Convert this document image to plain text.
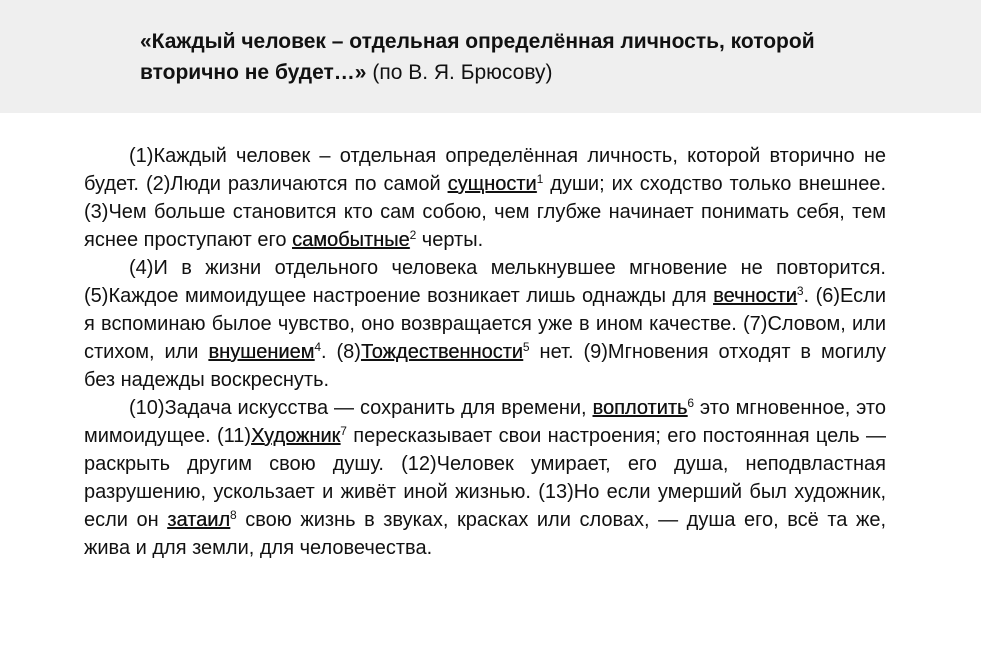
«Каждый человек – отдельная определённая личность, которой вторично не будет…» (по В. Я. Брюсову)

(1)Каждый человек – отдельная определённая личность, которой вторично не будет. (2)Люди различаются по самой сущности$^1$ души; их сходство только внешнее. (3)Чем больше становится кто сам собою, чем глубже начинает понимать себя, тем яснее проступают его самобытные$^2$ черты.

(4)И в жизни отдельного человека мелькнувшее мгновение не повторится. (5)Каждое мимоидущее настроение возникает лишь однажды для вечности$^3$. (6)Если я вспоминаю былое чувство, оно возвращается уже в ином качестве. (7)Словом, или стихом, или внушением$^4$. (8)Тождественности$^5$ нет. (9)Мгновения отходят в могилу без надежды воскреснуть.

(10)Задача искусства — сохранить для времени, воплотить$^6$ это мгновенное, это мимоидущее. (11)Художник$^7$ пересказывает свои настроения; его постоянная цель — раскрыть другим свою душу. (12)Человек умирает, его душа, неподвластная разрушению, ускользает и живёт иной жизнью. (13)Но если умерший был художник, если он затаил$^8$ свою жизнь в звуках, красках или словах, — душа его, всё та же, жива и для земли, для человечества.
